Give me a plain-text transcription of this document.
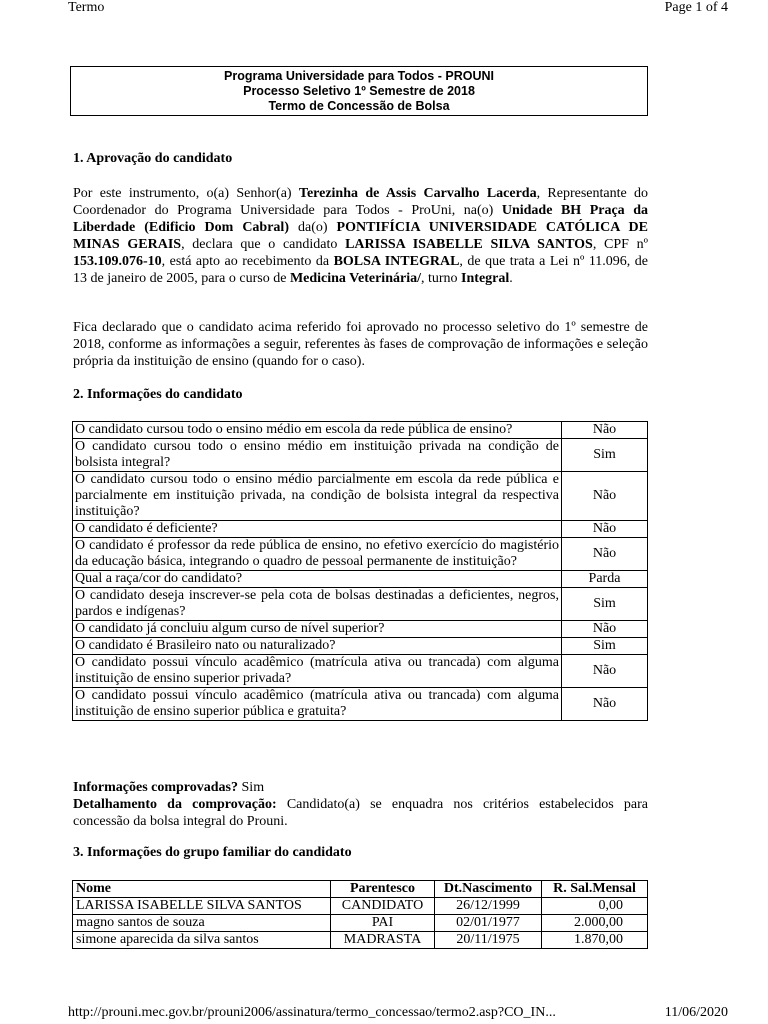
Termo	Page 1 of 4
Programa Universidade para Todos - PROUNI
Processo Seletivo 1º Semestre de 2018
Termo de Concessão de Bolsa
1. Aprovação do candidato
Por este instrumento, o(a) Senhor(a) Terezinha de Assis Carvalho Lacerda, Representante do Coordenador do Programa Universidade para Todos - ProUni, na(o) Unidade BH Praça da Liberdade (Edificio Dom Cabral) da(o) PONTIFÍCIA UNIVERSIDADE CATÓLICA DE MINAS GERAIS, declara que o candidato LARISSA ISABELLE SILVA SANTOS, CPF nº 153.109.076-10, está apto ao recebimento da BOLSA INTEGRAL, de que trata a Lei nº 11.096, de 13 de janeiro de 2005, para o curso de Medicina Veterinária/, turno Integral.
Fica declarado que o candidato acima referido foi aprovado no processo seletivo do 1º semestre de 2018, conforme as informações a seguir, referentes às fases de comprovação de informações e seleção própria da instituição de ensino (quando for o caso).
2. Informações do candidato
O candidato cursou todo o ensino médio em escola da rede pública de ensino?	Não
O candidato cursou todo o ensino médio em instituição privada na condição de bolsista integral?	Sim
O candidato cursou todo o ensino médio parcialmente em escola da rede pública e parcialmente em instituição privada, na condição de bolsista integral da respectiva instituição?	Não
O candidato é deficiente?	Não
O candidato é professor da rede pública de ensino, no efetivo exercício do magistério da educação básica, integrando o quadro de pessoal permanente de instituição?	Não
Qual a raça/cor do candidato?	Parda
O candidato deseja inscrever-se pela cota de bolsas destinadas a deficientes, negros, pardos e indígenas?	Sim
O candidato já concluiu algum curso de nível superior?	Não
O candidato é Brasileiro nato ou naturalizado?	Sim
O candidato possui vínculo acadêmico (matrícula ativa ou trancada) com alguma instituição de ensino superior privada?	Não
O candidato possui vínculo acadêmico (matrícula ativa ou trancada) com alguma instituição de ensino superior pública e gratuita?	Não
Informações comprovadas? Sim
Detalhamento da comprovação: Candidato(a) se enquadra nos critérios estabelecidos para concessão da bolsa integral do Prouni.
3. Informações do grupo familiar do candidato
Nome	Parentesco	Dt.Nascimento	R. Sal.Mensal
LARISSA ISABELLE SILVA SANTOS	CANDIDATO	26/12/1999	0,00
magno santos de souza	PAI	02/01/1977	2.000,00
simone aparecida da silva santos	MADRASTA	20/11/1975	1.870,00
http://prouni.mec.gov.br/prouni2006/assinatura/termo_concessao/termo2.asp?CO_IN...	11/06/2020
